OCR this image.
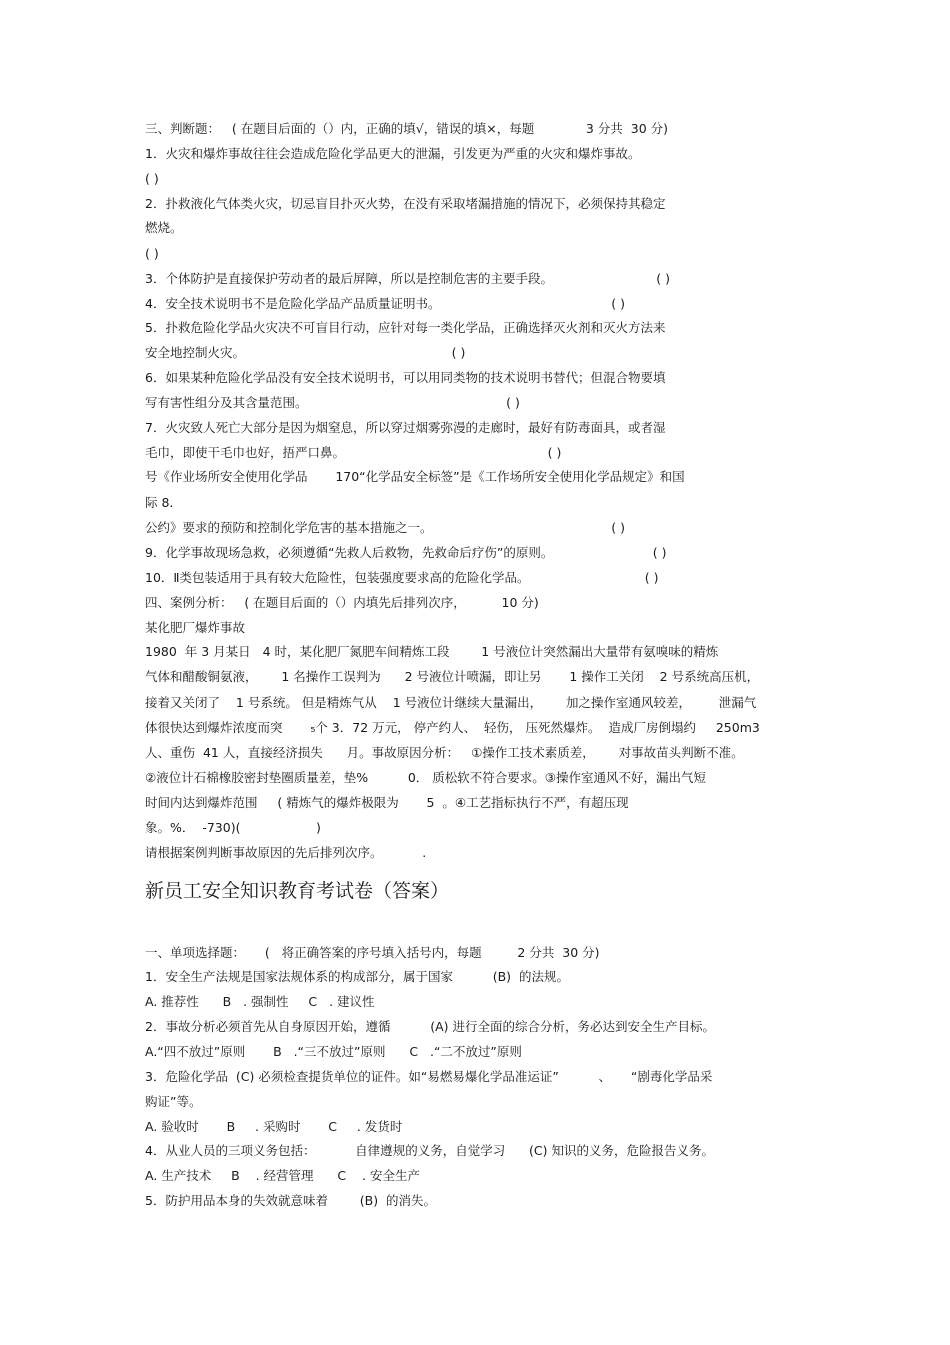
三、判断题：   ( 在题目后面的（）内，正确的填√，错误的填×，每题             3 分共  30 分)
1．火灾和爆炸事故往往会造成危险化学品更大的泄漏，引发更为严重的火灾和爆炸事故。
( )
2．扑救液化气体类火灾，切忌盲目扑灭火势，在没有采取堵漏措施的情况下，必须保持其稳定
燃烧。
( )
3．个体防护是直接保护劳动者的最后屏障，所以是控制危害的主要手段。                          ( )
4．安全技术说明书不是危险化学品产品质量证明书。                                           ( )
5．扑救危险化学品火灾决不可盲目行动，应针对每一类化学品，正确选择灭火剂和灭火方法来
安全地控制火灾。                                                    ( )
6．如果某种危险化学品没有安全技术说明书，可以用同类物的技术说明书替代；但混合物要填
写有害性组分及其含量范围。                                                  ( )
7．火灾致人死亡大部分是因为烟窒息，所以穿过烟雾弥漫的走廊时，最好有防毒面具，或者湿
毛巾，即使干毛巾也好，捂严口鼻。                                                   ( )
号《作业场所安全使用化学品       170“化学品安全标签”是《工作场所安全使用化学品规定》和国
际 8.
公约》要求的预防和控制化学危害的基本措施之一。                                             ( )
9．化学事故现场急救，必须遵循“先救人后救物，先救命后疗伤”的原则。                         ( )
10．Ⅱ类包装适用于具有较大危险性，包装强度要求高的危险化学品。                             ( )
四、案例分析：   ( 在题目后面的（）内填先后排列次序，         10 分)
某化肥厂爆炸事故
1980  年 3 月某日   4 时，某化肥厂氮肥车间精炼工段        1 号液位计突然漏出大量带有氨嗅味的精炼
气体和醋酸铜氨液，      1 名操作工误判为      2 号液位计喷漏，即让另       1 操作工关闭    2 号系统高压机，
接着又关闭了    1 号系统。 但是精炼气从    1 号液位计继续大量漏出，      加之操作室通风较差，       泄漏气
体很快达到爆炸浓度而突       ₅个 3．72 万元， 停产约人、  轻伤， 压死然爆炸。  造成厂房倒塌约     250m3
人、重伤  41 人，直接经济损失      月。事故原因分析：   ①操作工技术素质差，      对事故苗头判断不准。
②液位计石棉橡胶密封垫圈质量差，垫%          0． 质松软不符合要求。③操作室通风不好，漏出气短
时间内达到爆炸范围     ( 精炼气的爆炸极限为       5  。④工艺指标执行不严，有超压现
象。%．  -730)(                   )
请根据案例判断事故原因的先后排列次序。          .
新员工安全知识教育考试卷（答案）
一、单项选择题：     (   将正确答案的序号填入括号内，每题         2 分共  30 分)
1．安全生产法规是国家法规体系的构成部分，属于国家          (B)  的法规。
A. 推荐性      B   . 强制性     C   . 建议性
2．事故分析必须首先从自身原因开始，遵循          (A) 进行全面的综合分析，务必达到安全生产目标。
A.“四不放过”原则       B   .“三不放过”原则      C   .“二不放过”原则
3．危险化学品  (C) 必须检查提货单位的证件。如“易燃易爆化学品准运证”          、     “剧毒化学品采
购证”等。
A. 验收时       B     . 采购时       C     . 发货时
4．从业人员的三项义务包括：          自律遵规的义务，自觉学习      (C) 知识的义务，危险报告义务。
A. 生产技术     B    . 经营管理      C    . 安全生产
5．防护用品本身的失效就意味着        (B)  的消失。
